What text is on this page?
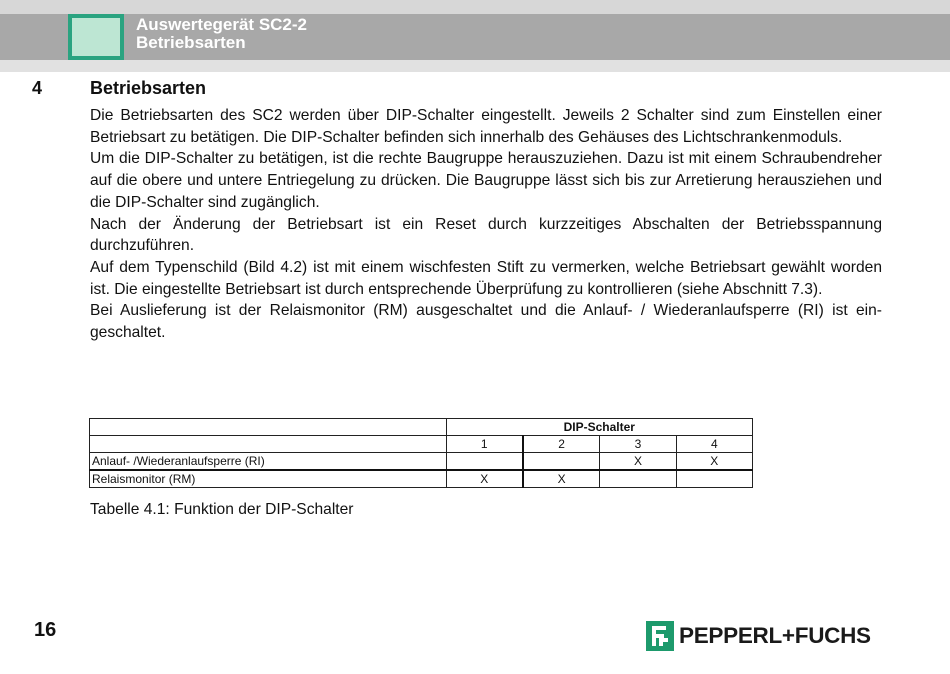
Auswertegerät SC2-2
Betriebsarten
4	Betriebsarten

Die Betriebsarten des SC2 werden über DIP-Schalter eingestellt. Jeweils 2 Schalter sind zum Einstellen einer Betriebsart zu betätigen. Die DIP-Schalter befinden sich innerhalb des Gehäuses des Lichtschrankenmoduls.

Um die DIP-Schalter zu betätigen, ist die rechte Baugruppe herauszuziehen. Dazu ist mit einem Schraubendreher auf die obere und untere Entriegelung zu drücken. Die Baugruppe lässt sich bis zur Arretierung herausziehen und die DIP-Schalter sind zugänglich.

Nach der Änderung der Betriebsart ist ein Reset durch kurzzeitiges Abschalten der Betriebsspannung durchzuführen.

Auf dem Typenschild (Bild 4.2) ist mit einem wischfesten Stift zu vermerken, welche Betriebsart gewählt worden ist. Die eingestellte Betriebsart ist durch entsprechende Überprüfung zu kontrollieren (siehe Abschnitt 7.3).

Bei Auslieferung ist der Relaismonitor (RM) ausgeschaltet und die Anlauf- / Wiederanlaufsperre (RI) ist eingeschaltet.

	DIP-Schalter			
	1	2	3	4
Anlauf- /Wiederanlaufsperre (RI)			X	X
Relaismonitor (RM)	X	X		
Tabelle 4.1: Funktion der DIP-Schalter
16	PEPPERL+FUCHS
